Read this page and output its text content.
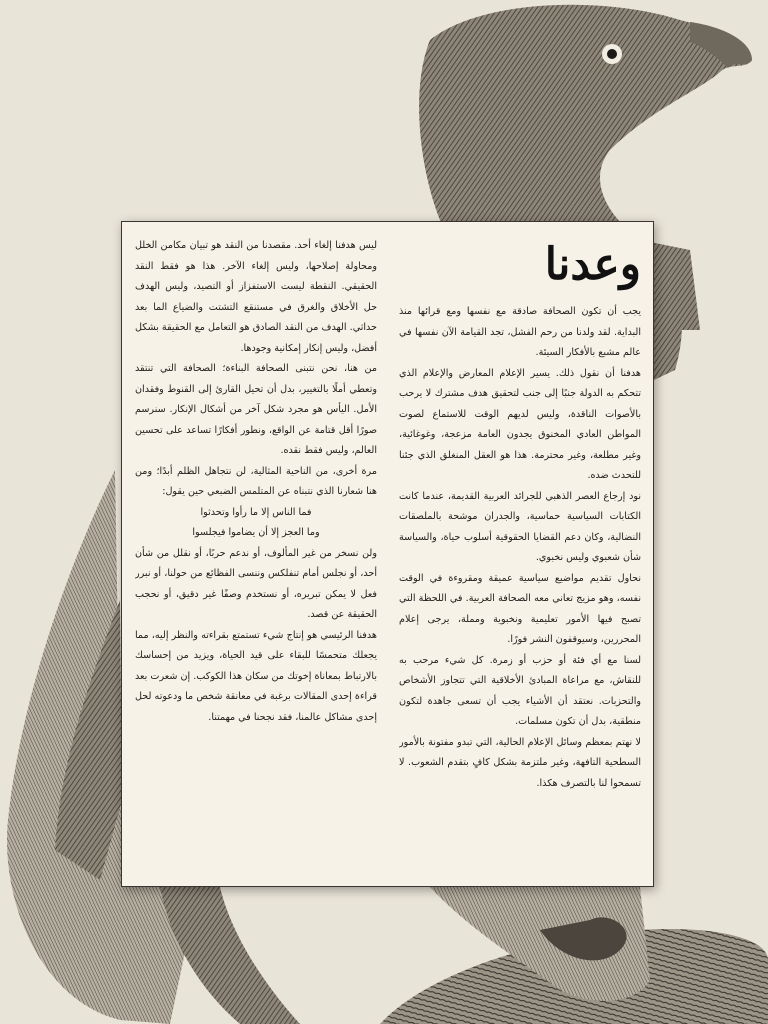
وعدنا

يجب أن تكون الصحافة صادقة مع نفسها ومع قرائها منذ البداية. لقد ولدنا من رحم الفشل، تجد القيامة الآن نفسها في عالم مشبع بالأفكار السيئة.

هدفنا أن نقول ذلك. يسير الإعلام المعارض والإعلام الذي تتحكم به الدولة جنبًا إلى جنب لتحقيق هدف مشترك لا يرحب بالأصوات الناقدة، وليس لديهم الوقت للاستماع لصوت المواطن العادي المخنوق يجدون العامة مزعجة، وغوغائية، وغير مطلعة، وغير محترمة. هذا هو العقل المنغلق الذي جئنا للتحدث ضده.

نود إرجاع العصر الذهبي للجرائد العربية القديمة، عندما كانت الكتابات السياسية حماسية، والجدران موشحة بالملصقات النضالية، وكان دعم القضايا الحقوقية أسلوب حياة، والسياسة شأن شعبوي وليس نخبوي.

نحاول تقديم مواضيع سياسية عميقة ومقروءة في الوقت نفسه، وهو مزيج تعاني معه الصحافة العربية. في اللحظة التي تصبح فيها الأمور تعليمية ونخبوية ومملة، يرجى إعلام المحررين، وسيوقفون النشر فورًا.

لسنا مع أي فئة أو حزب أو زمرة. كل شيء مرحب به للنقاش، مع مراعاة المبادئ الأخلاقية التي تتجاوز الأشخاص والتحزبات. نعتقد أن الأشياء يجب أن تسعى جاهدة لتكون منطقية، بدل أن تكون مسلمات.

لا نهتم بمعظم وسائل الإعلام الحالية، التي تبدو مفتونة بالأمور السطحية التافهة، وغير ملتزمة بشكل كافٍ بتقدم الشعوب. لا تسمحوا لنا بالتصرف هكذا.

ليس هدفنا إلغاء أحد. مقصدنا من النقد هو تبيان مكامن الخلل ومحاولة إصلاحها، وليس إلغاء الآخر. هذا هو فقط النقد الحقيقي. النقطة ليست الاستفزاز أو التصيد، وليس الهدف حل الأخلاق والغرق في مستنقع التشتت والضياع الما بعد حداثي. الهدف من النقد الصادق هو التعامل مع الحقيقة بشكل أفضل، وليس إنكار إمكانية وجودها.

من هنا، نحن نتبنى الصحافة البناءة؛ الصحافة التي تنتقد وتعطي أملًا بالتغيير، بدل أن تحيل القارئ إلى القنوط وفقدان الأمل. اليأس هو مجرد شكل آخر من أشكال الإنكار. سنرسم صورًا أقل قتامة عن الواقع، ونطور أفكارًا تساعد على تحسين العالم، وليس فقط نقده.

مرة أخرى، من الناحية المثالية، لن نتجاهل الظلم أبدًا؛ ومن هنا شعارنا الذي نتبناه عن المتلمس الضبعي حين يقول:

فما الناس إلا ما رأوا وتحدثوا
وما العجز إلا أن يضاموا فيجلسوا

ولن نسخر من غير المألوف، أو ندعم حربًا، أو نقلل من شأن أحد، أو نجلس أمام تنفلكس وننسى الفظائع من حولنا، أو نبرر فعل لا يمكن تبريره، أو نستخدم وصفًا غير دقيق، أو نحجب الحقيقة عن قصد.

هدفنا الرئيسي هو إنتاج شيء تستمتع بقراءته والنظر إليه، مما يجعلك متحمسًا للبقاء على قيد الحياة، ويزيد من إحساسك بالارتباط بمعاناة إخوتك من سكان هذا الكوكب. إن شعرت بعد قراءة إحدى المقالات برغبة في معانقة شخص ما ودعوته لحل إحدى مشاكل عالمنا، فقد نجحنا في مهمتنا.
